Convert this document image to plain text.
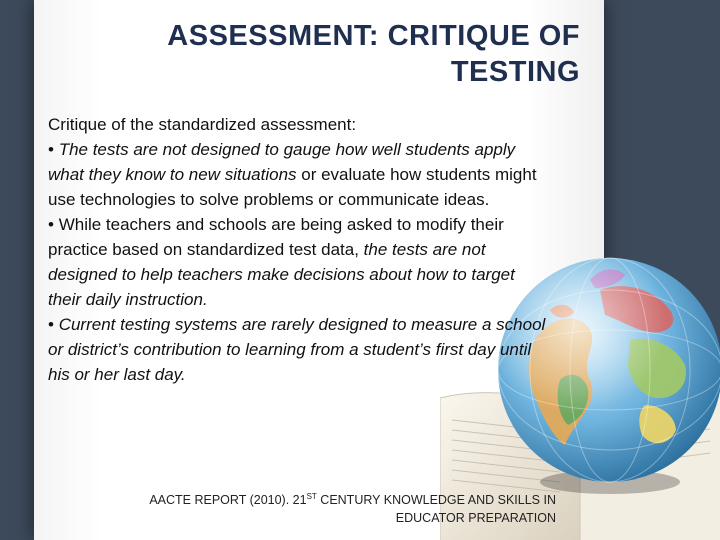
ASSESSMENT: CRITIQUE OF TESTING

Critique of the standardized assessment:

• The tests are not designed to gauge how well students apply what they know to new situations or evaluate how students might use technologies to solve problems or communicate ideas.

• While teachers and schools are being asked to modify their practice based on standardized test data, the tests are not designed to help teachers make decisions about how to target their daily instruction.

• Current testing systems are rarely designed to measure a school or district’s contribution to learning from a student’s first day until his or her last day.

AACTE REPORT (2010). 21ST CENTURY KNOWLEDGE AND SKILLS IN EDUCATOR PREPARATION
